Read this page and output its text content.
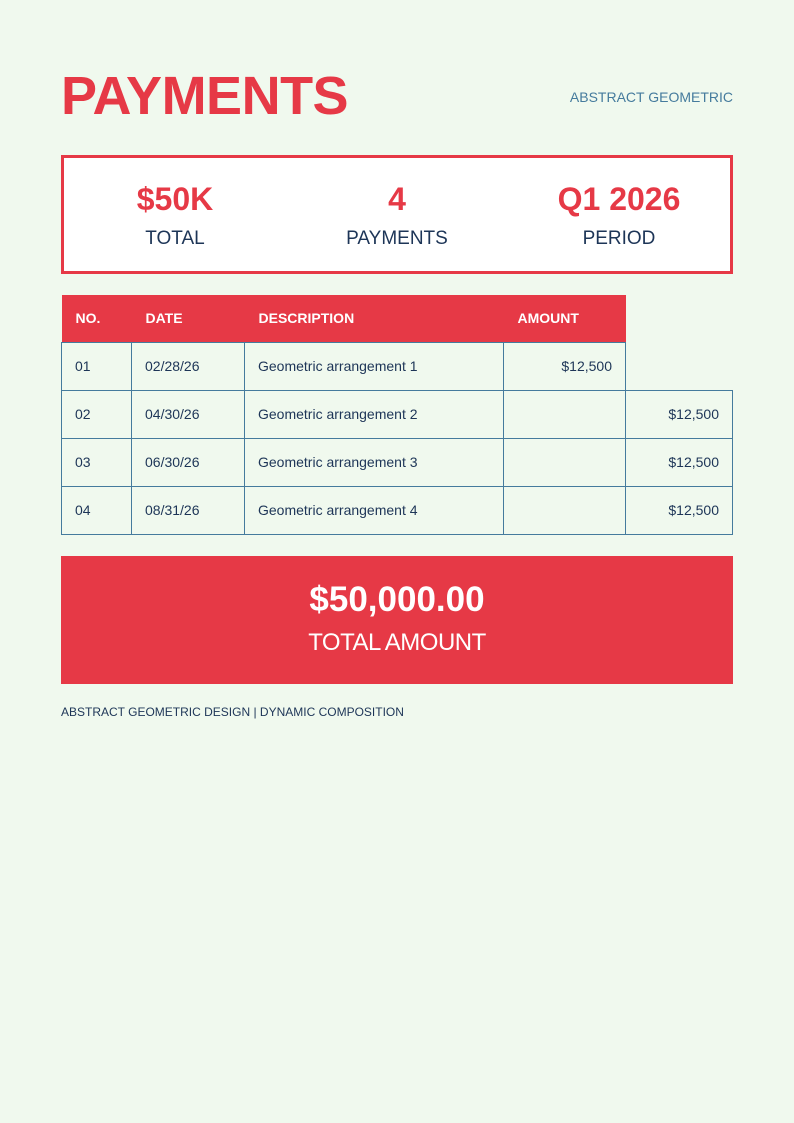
PAYMENTS	ABSTRACT GEOMETRIC
$50K
TOTAL
4
PAYMENTS
Q1 2026
PERIOD
NO.	DATE	DESCRIPTION	AMOUNT	
01	02/28/26	Geometric arrangement 1	$12,500	
02	04/30/26	Geometric arrangement 2		$12,500
03	06/30/26	Geometric arrangement 3		$12,500
04	08/31/26	Geometric arrangement 4		$12,500
$50,000.00
TOTAL AMOUNT
ABSTRACT GEOMETRIC DESIGN | DYNAMIC COMPOSITION
